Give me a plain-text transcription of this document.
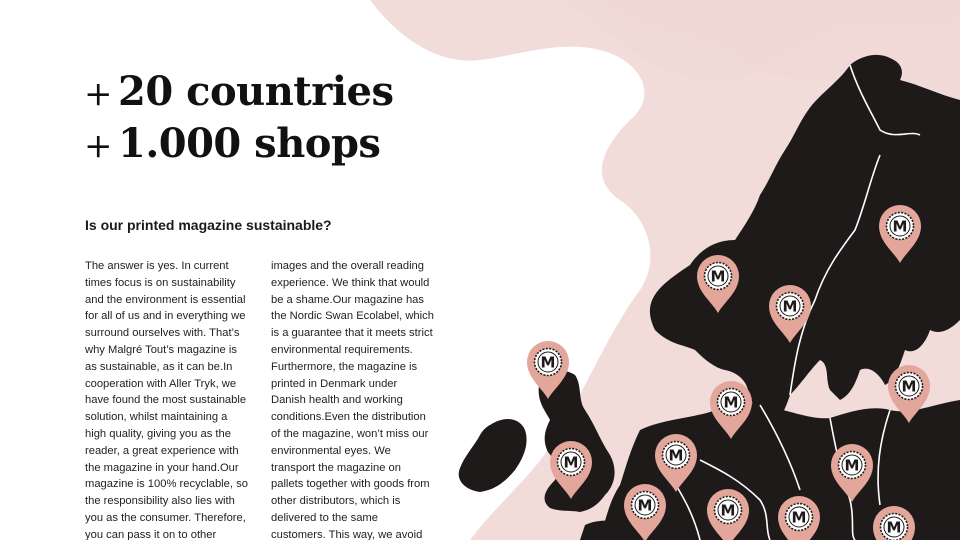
M
M
M
M
M
M
M
M	M
M	M	M
M
+ 20 countries
+ 1.000 shops
Is our printed magazine sustainable?
The answer is yes. In current
times focus is on sustainability
and the environment is essential
for all of us and in everything we
surround ourselves with. That’s
why Malgré Tout’s magazine is
as sustainable, as it can be.In
cooperation with Aller Tryk, we
have found the most sustainable
solution, whilst maintaining a
high quality, giving you as the
reader, a great experience with
the magazine in your hand.Our
magazine is 100% recyclable, so
the responsibility also lies with
you as the consumer. Therefore,
you can pass it on to other
images and the overall reading
experience. We think that would
be a shame.Our magazine has
the Nordic Swan Ecolabel, which
is a guarantee that it meets strict
environmental requirements.
Furthermore, the magazine is
printed in Denmark under
Danish health and working
conditions.Even the distribution
of the magazine, won’t miss our
environmental eyes. We
transport the magazine on
pallets together with goods from
other distributors, which is
delivered to the same
customers. This way, we avoid
